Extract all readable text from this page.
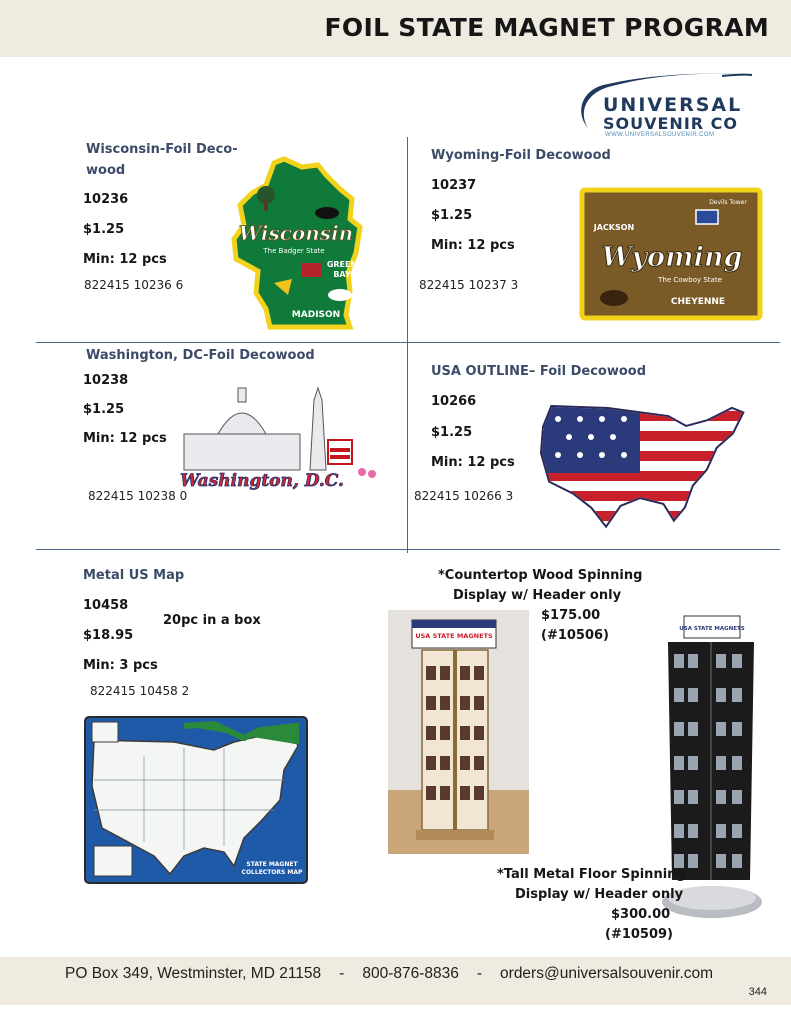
FOIL STATE MAGNET PROGRAM
UNIVERSAL
SOUVENIR CO
WWW.UNIVERSALSOUVENIR.COM
Wisconsin-Foil Deco-
wood
10236
$1.25
Min: 12 pcs
822415 10236 6
Wisconsin
The Badger State
GREEN
BAY
MADISON
Wyoming-Foil Decowood
10237
$1.25
Min: 12 pcs
822415 10237 3
JACKSON
Devils Tower
Wyoming
The Cowboy State
CHEYENNE
Washington, DC-Foil Decowood
10238
$1.25
Min: 12 pcs
822415 10238 0
Washington, D.C.
USA OUTLINE– Foil Decowood
10266
$1.25
Min: 12 pcs
822415 10266 3
Metal US Map
10458
20pc in a box
$18.95
Min: 3 pcs
822415 10458 2
STATE MAGNET
COLLECTORS MAP
*Countertop Wood Spinning
Display w/ Header only
$175.00
(#10506)
USA STATE MAGNETS
USA STATE MAGNETS
*Tall Metal Floor Spinning
Display w/ Header only
$300.00
(#10509)
PO Box 349, Westminster, MD 21158 - 800-876-8836 - orders@universalsouvenir.com
344
